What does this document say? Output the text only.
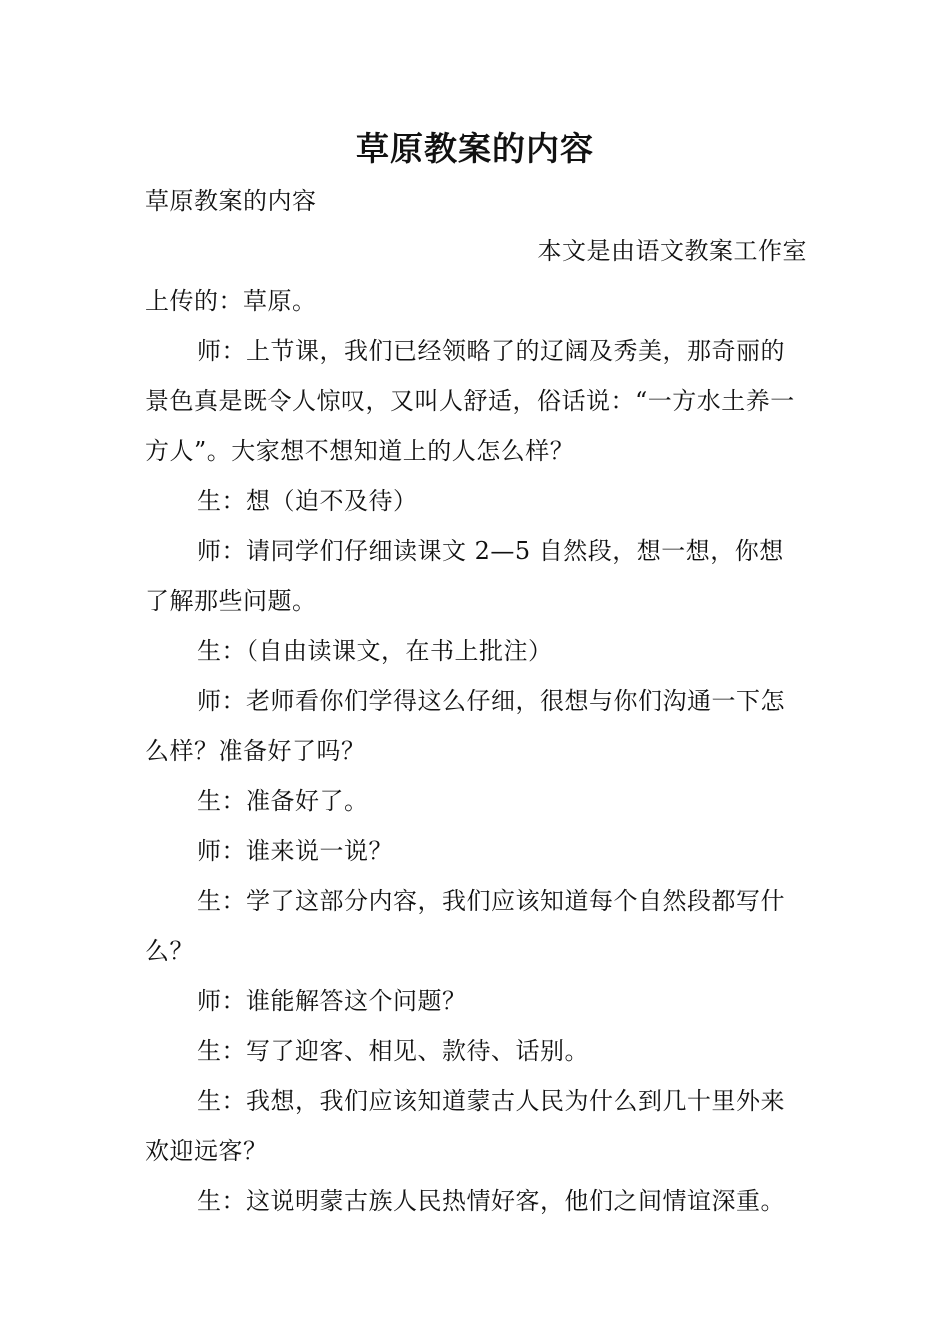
草原教案的内容

草原教案的内容

本文是由语文教案工作室

上传的：草原。

师：上节课，我们已经领略了的辽阔及秀美，那奇丽的景色真是既令人惊叹，又叫人舒适，俗话说：“一方水土养一方人”。大家想不想知道上的人怎么样？

生：想（迫不及待）

师：请同学们仔细读课文 2—5 自然段，想一想，你想了解那些问题。

生：（自由读课文，在书上批注）

师：老师看你们学得这么仔细，很想与你们沟通一下怎么样？准备好了吗？

生：准备好了。

师：谁来说一说？

生：学了这部分内容，我们应该知道每个自然段都写什么？

师：谁能解答这个问题？

生：写了迎客、相见、款待、话别。

生：我想，我们应该知道蒙古人民为什么到几十里外来欢迎远客？

生：这说明蒙古族人民热情好客，他们之间情谊深重。
